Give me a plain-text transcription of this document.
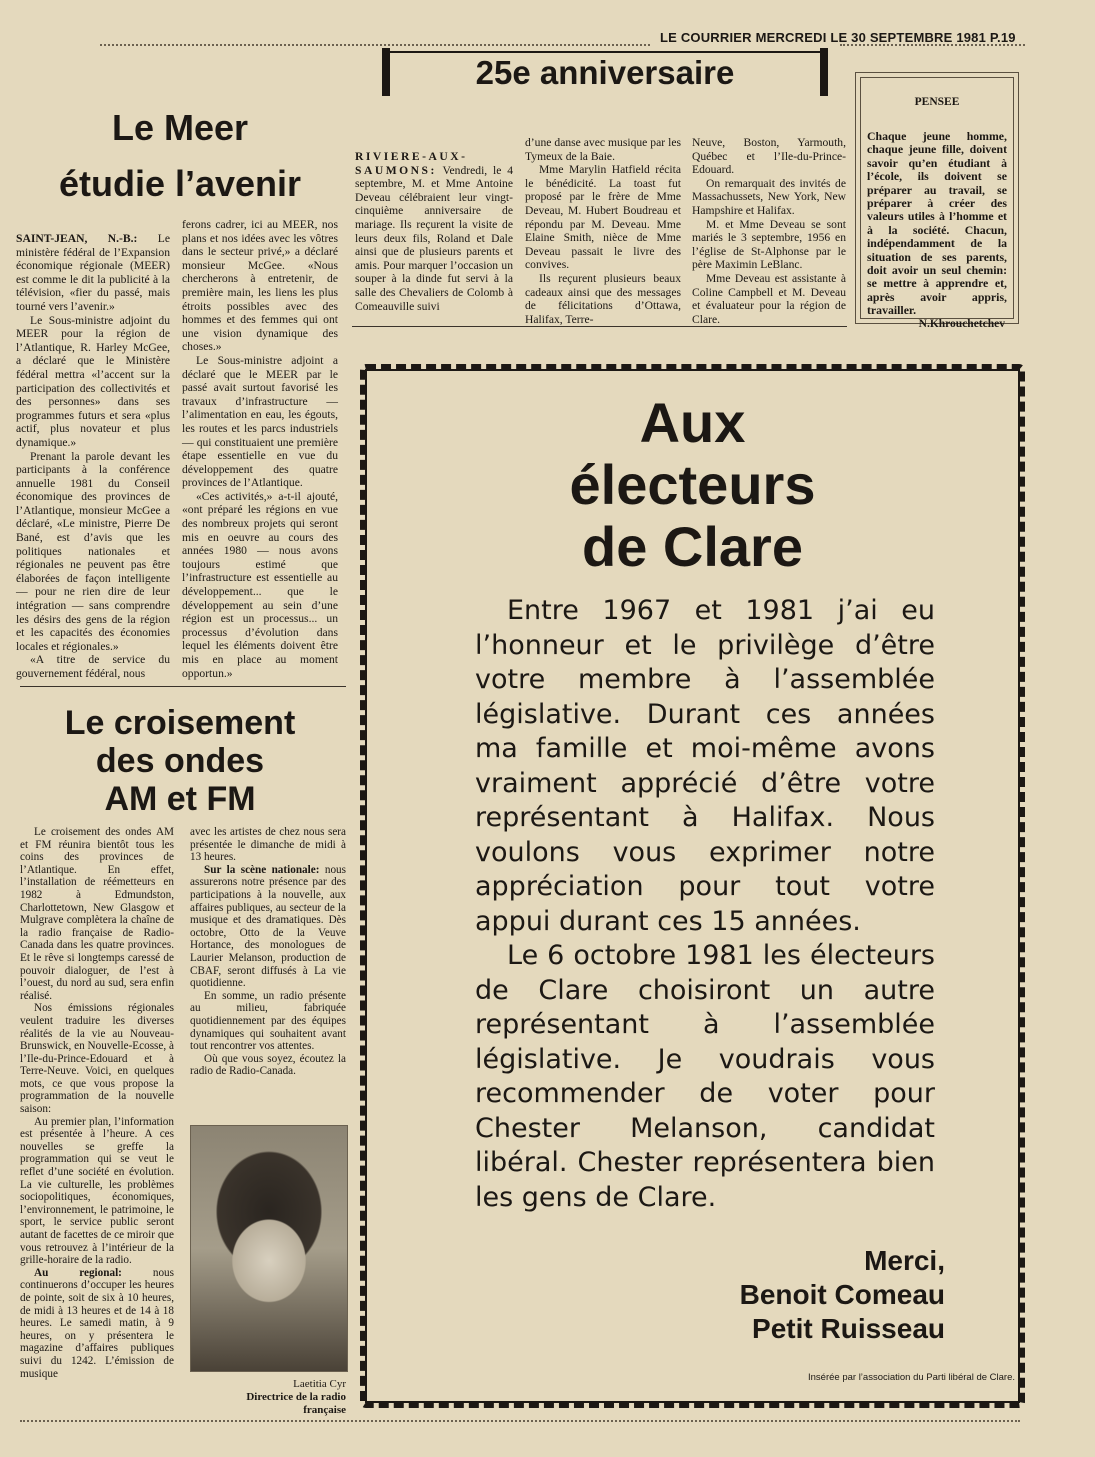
LE COURRIER MERCREDI LE 30 SEPTEMBRE 1981 P.19
Le Meer
étudie l’avenir

SAINT-JEAN, N.-B.: Le ministère fédéral de l’Expansion économique régionale (MEER) est comme le dit la publicité à la télévision, «fier du passé, mais tourné vers l’avenir.»

Le Sous-ministre adjoint du MEER pour la région de l’Atlantique, R. Harley McGee, a déclaré que le Ministère fédéral mettra «l’accent sur la participation des collectivités et des personnes» dans ses programmes futurs et sera «plus actif, plus novateur et plus dynamique.»

Prenant la parole devant les participants à la conférence annuelle 1981 du Conseil économique des provinces de l’Atlantique, monsieur McGee a déclaré, «Le ministre, Pierre De Bané, est d’avis que les politiques nationales et régionales ne peuvent pas être élaborées de façon intelligente — pour ne rien dire de leur intégration — sans comprendre les désirs des gens de la région et les capacités des économies locales et régionales.»

«A titre de service du gouvernement fédéral, nous

ferons cadrer, ici au MEER, nos plans et nos idées avec les vôtres dans le secteur privé,» a déclaré monsieur McGee. «Nous chercherons à entretenir, de première main, les liens les plus étroits possibles avec des hommes et des femmes qui ont une vision dynamique des choses.»

Le Sous-ministre adjoint a déclaré que le MEER par le passé avait surtout favorisé les travaux d’infrastructure — l’alimentation en eau, les égouts, les routes et les parcs industriels — qui constituaient une première étape essentielle en vue du développement des quatre provinces de l’Atlantique.

«Ces activités,» a-t-il ajouté, «ont préparé les régions en vue des nombreux projets qui seront mis en oeuvre au cours des années 1980 — nous avons toujours estimé que l’infrastructure est essentielle au développement... que le développement au sein d’une région est un processus... un processus d’évolution dans lequel les éléments doivent être mis en place au moment opportun.»

Le croisement
des ondes
AM et FM

Le croisement des ondes AM et FM réunira bientôt tous les coins des provinces de l’Atlantique. En effet, l’installation de réémetteurs en 1982 à Edmundston, Charlottetown, New Glasgow et Mulgrave complètera la chaîne de la radio française de Radio-Canada dans les quatre provinces. Et le rêve si longtemps caressé de pouvoir dialoguer, de l’est à l’ouest, du nord au sud, sera enfin réalisé.

Nos émissions régionales veulent traduire les diverses réalités de la vie au Nouveau-Brunswick, en Nouvelle-Ecosse, à l’Ile-du-Prince-Edouard et à Terre-Neuve. Voici, en quelques mots, ce que vous propose la programmation de la nouvelle saison:

Au premier plan, l’information est présentée à l’heure. A ces nouvelles se greffe la programmation qui se veut le reflet d’une société en évolution. La vie culturelle, les problèmes sociopolitiques, économiques, l’environnement, le patrimoine, le sport, le service public seront autant de facettes de ce miroir que vous retrouvez à l’intérieur de la grille-horaire de la radio.

Au regional: nous continuerons d’occuper les heures de pointe, soit de six à 10 heures, de midi à 13 heures et de 14 à 18 heures. Le samedi matin, à 9 heures, on y présentera le magazine d’affaires publiques suivi du 1242. L’émission de musique

avec les artistes de chez nous sera présentée le dimanche de midi à 13 heures.

Sur la scène nationale: nous assurerons notre présence par des participations à la nouvelle, aux affaires publiques, au secteur de la musique et des dramatiques. Dès octobre, Otto de la Veuve Hortance, des monologues de Laurier Melanson, production de CBAF, seront diffusés à La vie quotidienne.

En somme, un radio présente au milieu, fabriquée quotidiennement par des équipes dynamiques qui souhaitent avant tout rencontrer vos attentes.

Où que vous soyez, écoutez la radio de Radio-Canada.

Laetitia Cyr
Directrice de la radio
française
25e anniversaire

RIVIERE-AUX-SAUMONS: Vendredi, le 4 septembre, M. et Mme Antoine Deveau célébraient leur vingt-cinquième anniversaire de mariage. Ils reçurent la visite de leurs deux fils, Roland et Dale ainsi que de plusieurs parents et amis. Pour marquer l’occasion un souper à la dinde fut servi à la salle des Chevaliers de Colomb à Comeauville suivi

d’une danse avec musique par les Tymeux de la Baie.

Mme Marylin Hatfield récita le bénédicité. La toast fut proposé par le frère de Mme Deveau, M. Hubert Boudreau et répondu par M. Deveau. Mme Elaine Smith, nièce de Mme Deveau passait le livre des convives.

Ils reçurent plusieurs beaux cadeaux ainsi que des messages de félicitations d’Ottawa, Halifax, Terre-

Neuve, Boston, Yarmouth, Québec et l’Ile-du-Prince-Edouard.

On remarquait des invités de Massachussets, New York, New Hampshire et Halifax.

M. et Mme Deveau se sont mariés le 3 septembre, 1956 en l’église de St-Alphonse par le père Maximin LeBlanc.

Mme Deveau est assistante à Coline Campbell et M. Deveau et évaluateur pour la région de Clare.

PENSEE
Chaque jeune homme, chaque jeune fille, doivent savoir qu’en étudiant à l’école, ils doivent se préparer au travail, se préparer à créer des valeurs utiles à l’homme et à la société. Chacun, indépendamment de la situation de ses parents, doit avoir un seul chemin: se mettre à apprendre et, après avoir appris, travailler.
N.Khrouchetchev
Aux
électeurs
de Clare

Entre 1967 et 1981 j’ai eu l’honneur et le privilège d’être votre membre à l’assemblée législative. Durant ces années ma famille et moi-même avons vraiment apprécié d’être votre représentant à Halifax. Nous voulons vous exprimer notre appréciation pour tout votre appui durant ces 15 années.

Le 6 octobre 1981 les électeurs de Clare choisiront un autre représentant à l’assemblée législative. Je voudrais vous recommender de voter pour Chester Melanson, candidat libéral. Chester représentera bien les gens de Clare.

Merci,
Benoit Comeau
Petit Ruisseau
Insérée par l’association du Parti libéral de Clare.
